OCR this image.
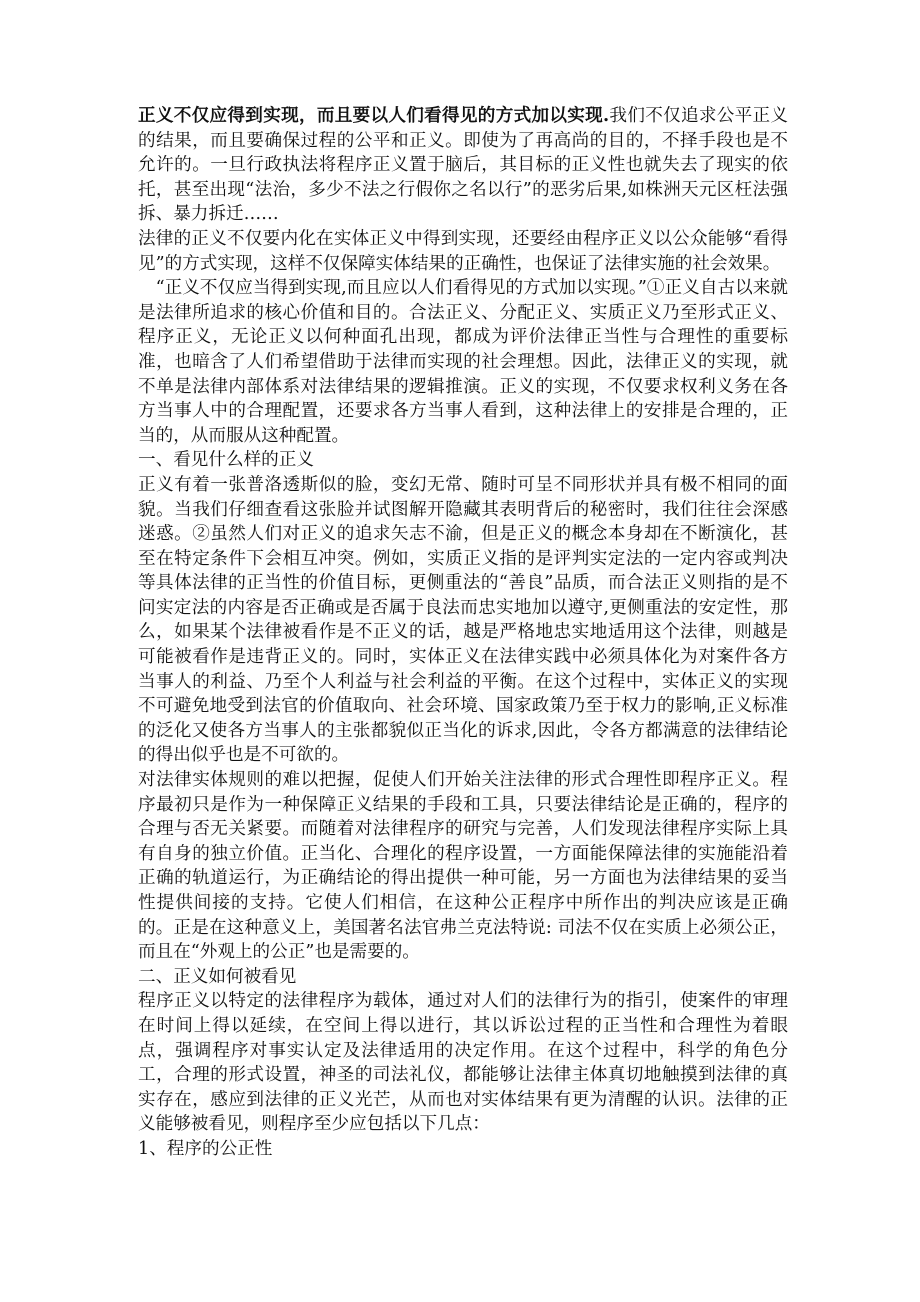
正义不仅应得到实现，而且要以人们看得见的方式加以实现.我们不仅追求公平正义的结果，而且要确保过程的公平和正义。即使为了再高尚的目的，不择手段也是不允许的。一旦行政执法将程序正义置于脑后，其目标的正义性也就失去了现实的依托，甚至出现“法治，多少不法之行假你之名以行”的恶劣后果,如株洲天元区枉法强拆、暴力拆迁……

法律的正义不仅要内化在实体正义中得到实现，还要经由程序正义以公众能够“看得见”的方式实现，这样不仅保障实体结果的正确性，也保证了法律实施的社会效果。

“正义不仅应当得到实现,而且应以人们看得见的方式加以实现。”①正义自古以来就是法律所追求的核心价值和目的。合法正义、分配正义、实质正义乃至形式正义、程序正义，无论正义以何种面孔出现，都成为评价法律正当性与合理性的重要标准，也暗含了人们希望借助于法律而实现的社会理想。因此，法律正义的实现，就不单是法律内部体系对法律结果的逻辑推演。正义的实现，不仅要求权利义务在各方当事人中的合理配置，还要求各方当事人看到，这种法律上的安排是合理的，正当的，从而服从这种配置。

一、看见什么样的正义

正义有着一张普洛透斯似的脸，变幻无常、随时可呈不同形状并具有极不相同的面貌。当我们仔细查看这张脸并试图解开隐藏其表明背后的秘密时，我们往往会深感迷惑。②虽然人们对正义的追求矢志不渝，但是正义的概念本身却在不断演化，甚至在特定条件下会相互冲突。例如，实质正义指的是评判实定法的一定内容或判决等具体法律的正当性的价值目标，更侧重法的“善良”品质，而合法正义则指的是不问实定法的内容是否正确或是否属于良法而忠实地加以遵守,更侧重法的安定性，那么，如果某个法律被看作是不正义的话，越是严格地忠实地适用这个法律，则越是可能被看作是违背正义的。同时，实体正义在法律实践中必须具体化为对案件各方当事人的利益、乃至个人利益与社会利益的平衡。在这个过程中，实体正义的实现不可避免地受到法官的价值取向、社会环境、国家政策乃至于权力的影响,正义标准的泛化又使各方当事人的主张都貌似正当化的诉求,因此，令各方都满意的法律结论的得出似乎也是不可欲的。

对法律实体规则的难以把握，促使人们开始关注法律的形式合理性即程序正义。程序最初只是作为一种保障正义结果的手段和工具，只要法律结论是正确的，程序的合理与否无关紧要。而随着对法律程序的研究与完善，人们发现法律程序实际上具有自身的独立价值。正当化、合理化的程序设置，一方面能保障法律的实施能沿着正确的轨道运行，为正确结论的得出提供一种可能，另一方面也为法律结果的妥当性提供间接的支持。它使人们相信，在这种公正程序中所作出的判决应该是正确的。正是在这种意义上，美国著名法官弗兰克法特说: 司法不仅在实质上必须公正，而且在“外观上的公正”也是需要的。

二、正义如何被看见

程序正义以特定的法律程序为载体，通过对人们的法律行为的指引，使案件的审理在时间上得以延续，在空间上得以进行，其以诉讼过程的正当性和合理性为着眼点，强调程序对事实认定及法律适用的决定作用。在这个过程中，科学的角色分工，合理的形式设置，神圣的司法礼仪，都能够让法律主体真切地触摸到法律的真实存在，感应到法律的正义光芒，从而也对实体结果有更为清醒的认识。法律的正义能够被看见，则程序至少应包括以下几点：

1、程序的公正性
